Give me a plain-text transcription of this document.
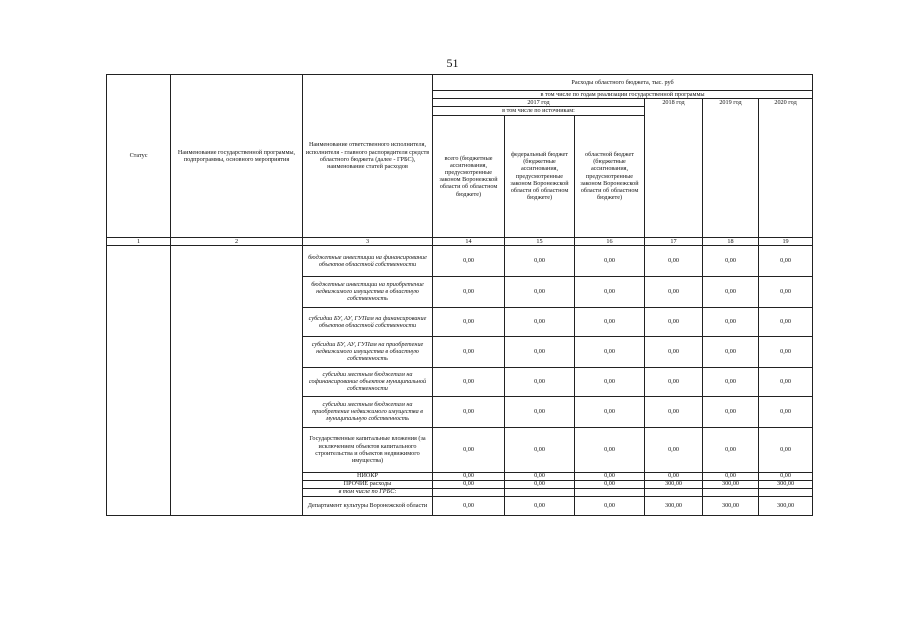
51
Статус	Наименование государственной программы, подпрограммы, основного мероприятия	Наименование ответственного исполнителя, исполнителя - главного распорядителя средств областного бюджета (далее - ГРБС), наименование статей расходов	Расходы областного бюджета, тыс. руб					
			в том числе по годам реализации государственной программы					
			2017 год			2018 год	2019 год	2020 год
			в том числе по источникам:					
			всего (бюджетные ассигнования, предусмотренные законом Воронежской области об областном бюджете)	федеральный бюджет (бюджетные ассигнования, предусмотренные законом Воронежской области об областном бюджете)	областной бюджет (бюджетные ассигнования, предусмотренные законом Воронежской области об областном бюджете)			
1	2	3	14	15	16	17	18	19
		бюджетные инвестиции на финансирование объектов областной собственности	0,00	0,00	0,00	0,00	0,00	0,00
		бюджетные инвестиции на приобретение недвижимого имущества в областную собственность	0,00	0,00	0,00	0,00	0,00	0,00
		субсидии БУ, АУ, ГУПам на финансирование объектов областной собственности	0,00	0,00	0,00	0,00	0,00	0,00
		субсидии БУ, АУ, ГУПам на приобретение недвижимого имущества в областную собственность	0,00	0,00	0,00	0,00	0,00	0,00
		субсидии местным бюджетам на софинансирование объектов муниципальной собственности	0,00	0,00	0,00	0,00	0,00	0,00
		субсидии местным бюджетам на приобретение недвижимого имущества в муниципальную собственность	0,00	0,00	0,00	0,00	0,00	0,00
		Государственные капитальные вложения (за исключением объектов капитального строительства и объектов недвижимого имущества)	0,00	0,00	0,00	0,00	0,00	0,00
		НИОКР	0,00	0,00	0,00	0,00	0,00	0,00
		ПРОЧИЕ расходы	0,00	0,00	0,00	300,00	300,00	300,00
		в том числе по ГРБС:						
		Департамент культуры Воронежской области	0,00	0,00	0,00	300,00	300,00	300,00
